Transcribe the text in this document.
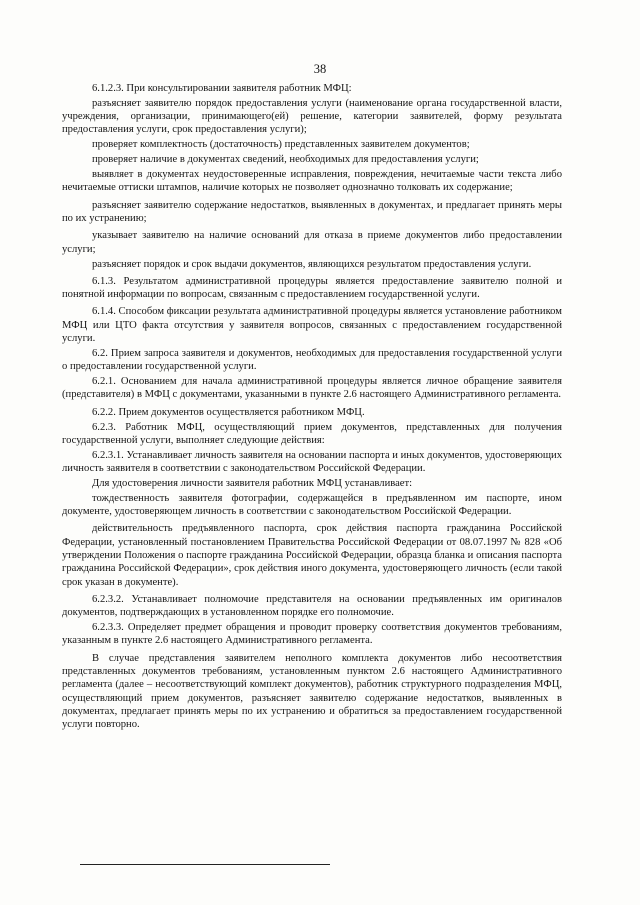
38

6.1.2.3. При консультировании заявителя работник МФЦ:

разъясняет заявителю порядок предоставления услуги (наименование органа государственной власти, учреждения, организации, принимающего(ей) решение, категории заявителей, форму результата предоставления услуги, срок предоставления услуги);

проверяет комплектность (достаточность) представленных заявителем документов;

проверяет наличие в документах сведений, необходимых для предоставления услуги;

выявляет в документах неудостоверенные исправления, повреждения, нечитаемые части текста либо нечитаемые оттиски штампов, наличие которых не позволяет однозначно толковать их содержание;

разъясняет заявителю содержание недостатков, выявленных в документах, и предлагает принять меры по их устранению;

указывает заявителю на наличие оснований для отказа в приеме документов либо предоставлении услуги;

разъясняет порядок и срок выдачи документов, являющихся результатом предоставления услуги.

6.1.3. Результатом административной процедуры является предоставление заявителю полной и понятной информации по вопросам, связанным с предоставлением государственной услуги.

6.1.4. Способом фиксации результата административной процедуры является установление работником МФЦ или ЦТО факта отсутствия у заявителя вопросов, связанных с предоставлением государственной услуги.

6.2. Прием запроса заявителя и документов, необходимых для предоставления государственной услуги о предоставлении государственной услуги.

6.2.1. Основанием для начала административной процедуры является личное обращение заявителя (представителя) в МФЦ с документами, указанными в пункте 2.6 настоящего Административного регламента.

6.2.2. Прием документов осуществляется работником МФЦ.

6.2.3. Работник МФЦ, осуществляющий прием документов, представленных для получения государственной услуги, выполняет следующие действия:

6.2.3.1. Устанавливает личность заявителя на основании паспорта и иных документов, удостоверяющих личность заявителя в соответствии с законодательством Российской Федерации.

Для удостоверения личности заявителя работник МФЦ устанавливает:

тождественность заявителя фотографии, содержащейся в предъявленном им паспорте, ином документе, удостоверяющем личность в соответствии с законодательством Российской Федерации.

действительность предъявленного паспорта, срок действия паспорта гражданина Российской Федерации, установленный постановлением Правительства Российской Федерации от 08.07.1997 № 828 «Об утверждении Положения о паспорте гражданина Российской Федерации, образца бланка и описания паспорта гражданина Российской Федерации», срок действия иного документа, удостоверяющего личность (если такой срок указан в документе).

6.2.3.2. Устанавливает полномочие представителя на основании предъявленных им оригиналов документов, подтверждающих в установленном порядке его полномочие.

6.2.3.3. Определяет предмет обращения и проводит проверку соответствия документов требованиям, указанным в пункте 2.6 настоящего Административного регламента.

В случае представления заявителем неполного комплекта документов либо несоответствия представленных документов требованиям, установленным пунктом 2.6 настоящего Административного регламента (далее – несоответствующий комплект документов), работник структурного подразделения МФЦ, осуществляющий прием документов, разъясняет заявителю содержание недостатков, выявленных в документах, предлагает принять меры по их устранению и обратиться за предоставлением государственной услуги повторно.
